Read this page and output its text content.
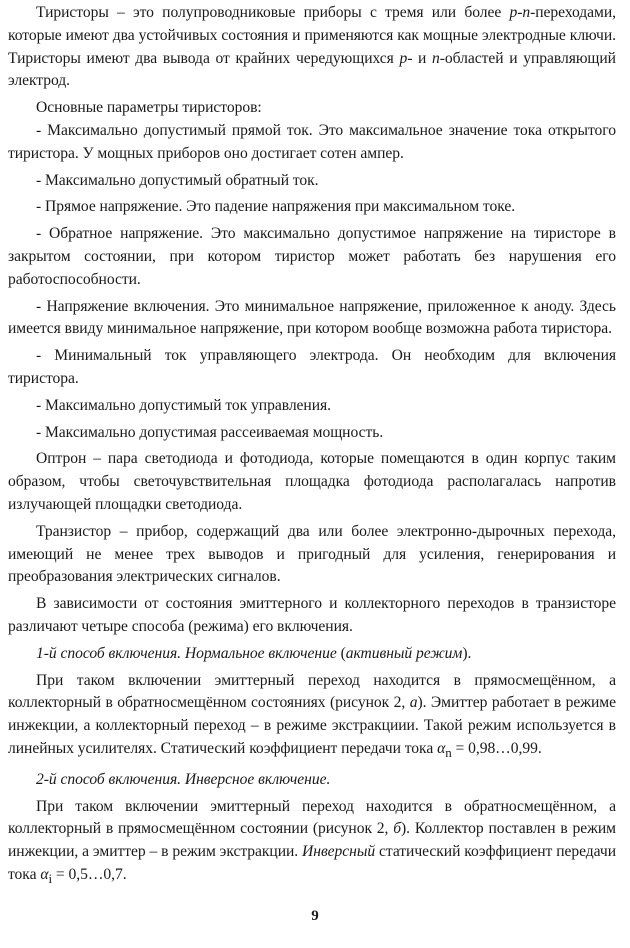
Тиристоры – это полупроводниковые приборы с тремя или более p-n-переходами, которые имеют два устойчивых состояния и применяются как мощные электродные ключи. Тиристоры имеют два вывода от крайних чередующихся p- и n-областей и управляющий электрод.

Основные параметры тиристоров:

- Максимально допустимый прямой ток. Это максимальное значение тока открытого тиристора. У мощных приборов оно достигает сотен ампер.

- Максимально допустимый обратный ток.

- Прямое напряжение. Это падение напряжения при максимальном токе.

- Обратное напряжение. Это максимально допустимое напряжение на тиристоре в закрытом состоянии, при котором тиристор может работать без нарушения его работоспособности.

- Напряжение включения. Это минимальное напряжение, приложенное к аноду. Здесь имеется ввиду минимальное напряжение, при котором вообще возможна работа тиристора.

- Минимальный ток управляющего электрода. Он необходим для включения тиристора.

- Максимально допустимый ток управления.

- Максимально допустимая рассеиваемая мощность.

Оптрон – пара светодиода и фотодиода, которые помещаются в один корпус таким образом, чтобы светочувствительная площадка фотодиода располагалась напротив излучающей площадки светодиода.

Транзистор – прибор, содержащий два или более электронно-дырочных перехода, имеющий не менее трех выводов и пригодный для усиления, генерирования и преобразования электрических сигналов.

В зависимости от состояния эмиттерного и коллекторного переходов в транзисторе различают четыре способа (режима) его включения.

1-й способ включения. Нормальное включение (активный режим).

При таком включении эмиттерный переход находится в прямосмещённом, а коллекторный в обратносмещённом состояниях (рисунок 2, а). Эмиттер работает в режиме инжекции, а коллекторный переход – в режиме экстракциии. Такой режим используется в линейных усилителях. Статический коэффициент передачи тока $\alpha_n$ = 0,98…0,99.

2-й способ включения. Инверсное включение.

При таком включении эмиттерный переход находится в обратносмещённом, а коллекторный в прямосмещённом состоянии (рисунок 2, б). Коллектор поставлен в режим инжекции, а эмиттер – в режим экстракции. Инверсный статический коэффициент передачи тока $\alpha_i$ = 0,5…0,7.

9
